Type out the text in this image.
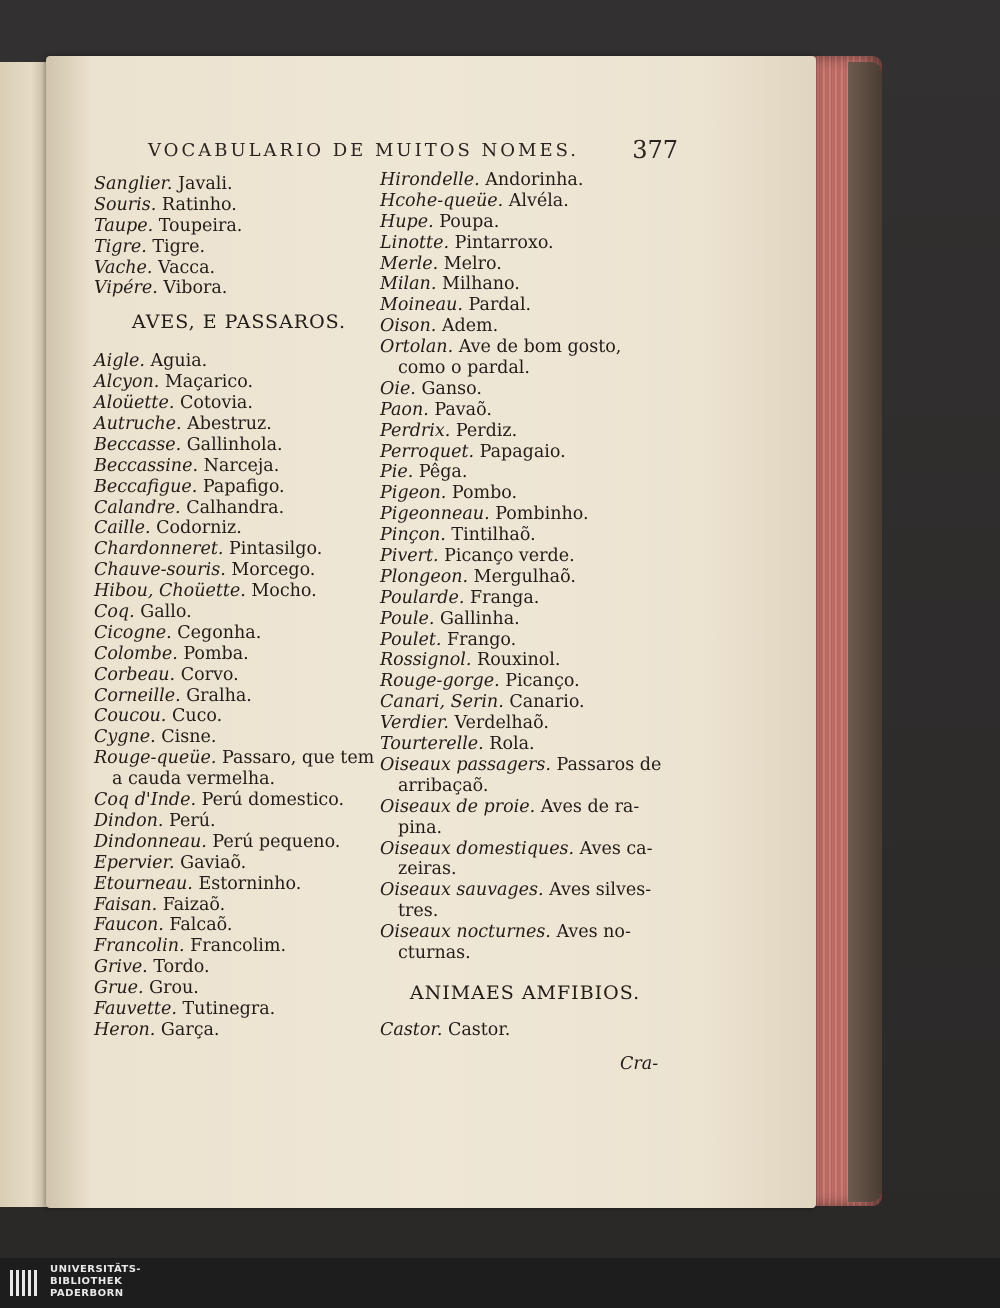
VOCABULARIO DE MUITOS NOMES. 377
Sanglier. Javali.
Souris. Ratinho.
Taupe. Toupeira.
Tigre. Tigre.
Vache. Vacca.
Vipére. Vibora.
AVES, E PASSAROS.
Aigle. Aguia.
Alcyon. Maçarico.
Aloüette. Cotovia.
Autruche. Abestruz.
Beccasse. Gallinhola.
Beccassine. Narceja.
Beccafigue. Papafigo.
Calandre. Calhandra.
Caille. Codorniz.
Chardonneret. Pintasilgo.
Chauve-souris. Morcego.
Hibou, Choüette. Mocho.
Coq. Gallo.
Cicogne. Cegonha.
Colombe. Pomba.
Corbeau. Corvo.
Corneille. Gralha.
Coucou. Cuco.
Cygne. Cisne.
Rouge-queüe. Passaro, que tem
a cauda vermelha.
Coq d'Inde. Perú domestico.
Dindon. Perú.
Dindonneau. Perú pequeno.
Epervier. Gaviaõ.
Etourneau. Estorninho.
Faisan. Faizaõ.
Faucon. Falcaõ.
Francolin. Francolim.
Grive. Tordo.
Grue. Grou.
Fauvette. Tutinegra.
Heron. Garça.
Hirondelle. Andorinha.
Hcohe-queüe. Alvéla.
Hupe. Poupa.
Linotte. Pintarroxo.
Merle. Melro.
Milan. Milhano.
Moineau. Pardal.
Oison. Adem.
Ortolan. Ave de bom gosto,
como o pardal.
Oie. Ganso.
Paon. Pavaõ.
Perdrix. Perdiz.
Perroquet. Papagaio.
Pie. Pêga.
Pigeon. Pombo.
Pigeonneau. Pombinho.
Pinçon. Tintilhaõ.
Pivert. Picanço verde.
Plongeon. Mergulhaõ.
Poularde. Franga.
Poule. Gallinha.
Poulet. Frango.
Rossignol. Rouxinol.
Rouge-gorge. Picanço.
Canari, Serin. Canario.
Verdier. Verdelhaõ.
Tourterelle. Rola.
Oiseaux passagers. Passaros de
arribaçaõ.
Oiseaux de proie. Aves de ra-
pina.
Oiseaux domestiques. Aves ca-
zeiras.
Oiseaux sauvages. Aves silves-
tres.
Oiseaux nocturnes. Aves no-
cturnas.
ANIMAES AMFIBIOS.
Castor. Castor.
Cra-
UNIVERSITÄTS-
BIBLIOTHEK
PADERBORN
